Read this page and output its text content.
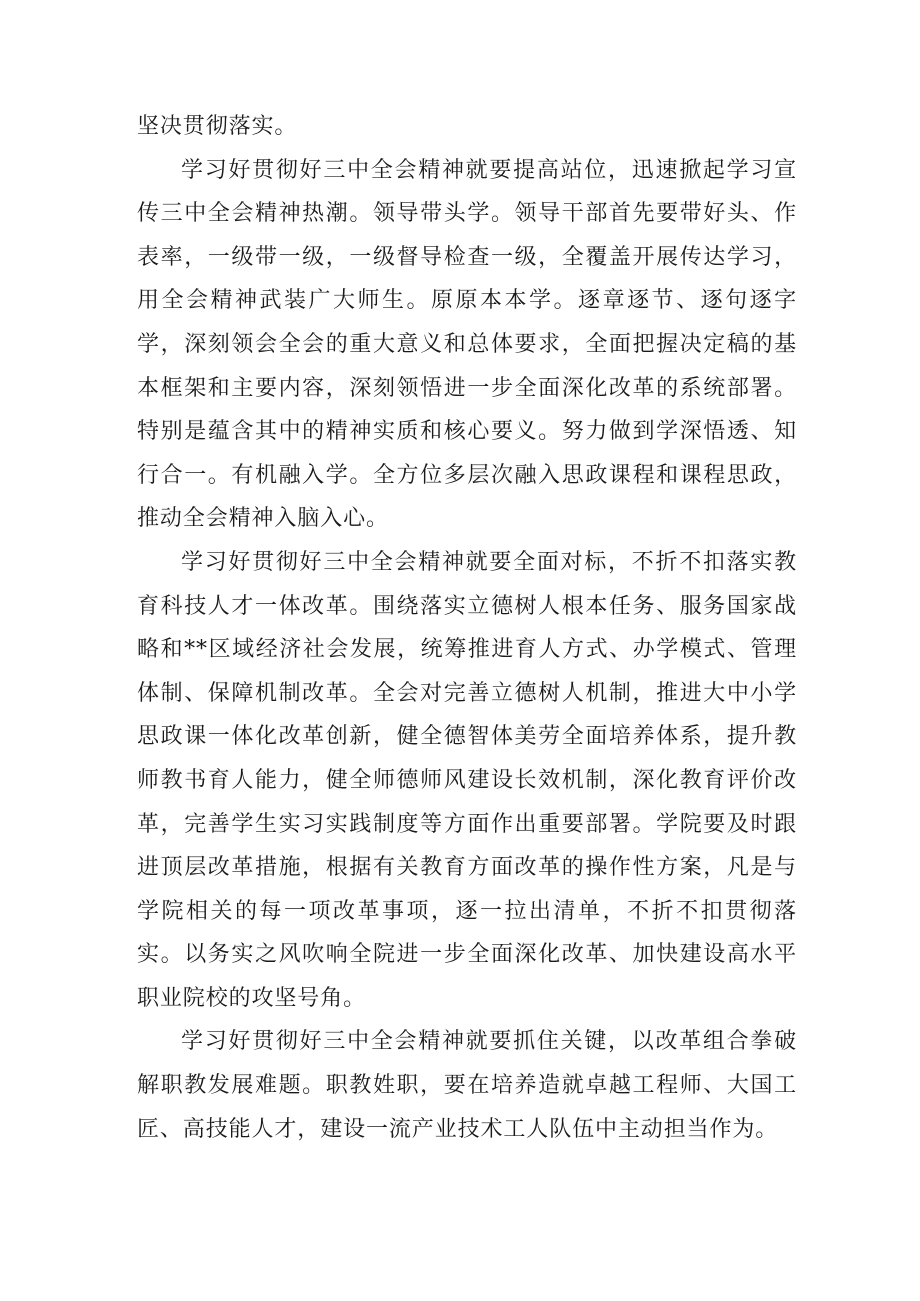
坚决贯彻落实。

学习好贯彻好三中全会精神就要提高站位，迅速掀起学习宣传三中全会精神热潮。领导带头学。领导干部首先要带好头、作表率，一级带一级，一级督导检查一级，全覆盖开展传达学习，用全会精神武装广大师生。原原本本学。逐章逐节、逐句逐字学，深刻领会全会的重大意义和总体要求，全面把握决定稿的基本框架和主要内容，深刻领悟进一步全面深化改革的系统部署。特别是蕴含其中的精神实质和核心要义。努力做到学深悟透、知行合一。有机融入学。全方位多层次融入思政课程和课程思政，推动全会精神入脑入心。

学习好贯彻好三中全会精神就要全面对标，不折不扣落实教育科技人才一体改革。围绕落实立德树人根本任务、服务国家战略和**区域经济社会发展，统筹推进育人方式、办学模式、管理体制、保障机制改革。全会对完善立德树人机制，推进大中小学思政课一体化改革创新，健全德智体美劳全面培养体系，提升教师教书育人能力，健全师德师风建设长效机制，深化教育评价改革，完善学生实习实践制度等方面作出重要部署。学院要及时跟进顶层改革措施，根据有关教育方面改革的操作性方案，凡是与学院相关的每一项改革事项，逐一拉出清单，不折不扣贯彻落实。以务实之风吹响全院进一步全面深化改革、加快建设高水平职业院校的攻坚号角。

学习好贯彻好三中全会精神就要抓住关键，以改革组合拳破解职教发展难题。职教姓职，要在培养造就卓越工程师、大国工匠、高技能人才，建设一流产业技术工人队伍中主动担当作为。
